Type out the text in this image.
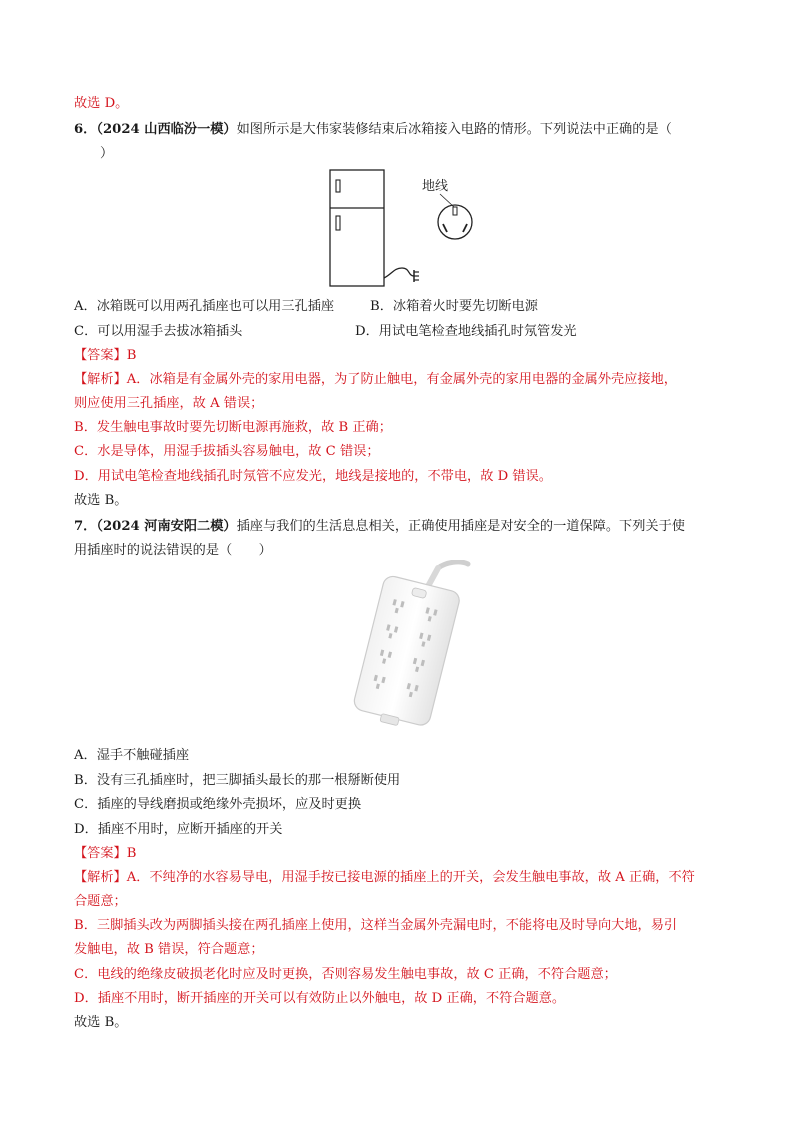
故选 D。
6．（2024 山西临汾一模）如图所示是大伟家装修结束后冰箱接入电路的情形。下列说法中正确的是（
）
地线
A．冰箱既可以用两孔插座也可以用三孔插座	B．冰箱着火时要先切断电源
C．可以用湿手去拔冰箱插头	D．用试电笔检查地线插孔时氖管发光
【答案】B
【解析】A．冰箱是有金属外壳的家用电器，为了防止触电，有金属外壳的家用电器的金属外壳应接地，
则应使用三孔插座，故 A 错误；
B．发生触电事故时要先切断电源再施救，故 B 正确；
C．水是导体，用湿手拔插头容易触电，故 C 错误；
D．用试电笔检查地线插孔时氖管不应发光，地线是接地的，不带电，故 D 错误。
故选 B。
7．（2024 河南安阳二模）插座与我们的生活息息相关，正确使用插座是对安全的一道保障。下列关于使
用插座时的说法错误的是（　　）
A．湿手不触碰插座
B．没有三孔插座时，把三脚插头最长的那一根掰断使用
C．插座的导线磨损或绝缘外壳损坏，应及时更换
D．插座不用时，应断开插座的开关
【答案】B
【解析】A．不纯净的水容易导电，用湿手按已接电源的插座上的开关，会发生触电事故，故 A 正确，不符
合题意；
B．三脚插头改为两脚插头接在两孔插座上使用，这样当金属外壳漏电时，不能将电及时导向大地，易引
发触电，故 B 错误，符合题意；
C．电线的绝缘皮破损老化时应及时更换，否则容易发生触电事故，故 C 正确，不符合题意；
D．插座不用时，断开插座的开关可以有效防止以外触电，故 D 正确，不符合题意。
故选 B。
